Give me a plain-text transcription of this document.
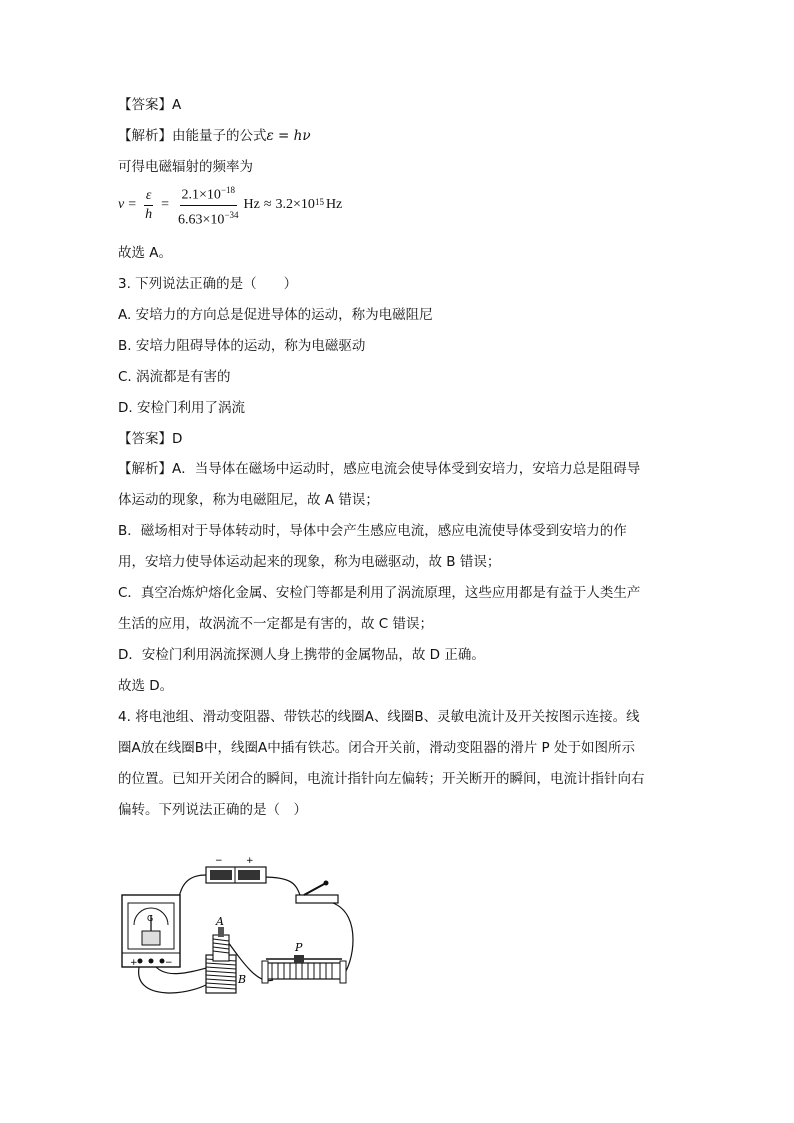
【答案】A

【解析】由能量子的公式ε = hν

可得电磁辐射的频率为

$\nu = \frac{\varepsilon}{h} = \frac{2.1\times 10^{-18}}{6.63\times 10^{-34}}$ $Hz \approx 3.2\times 10^{15}$ Hz

故选 A。

3. 下列说法正确的是（　　）

A. 安培力的方向总是促进导体的运动，称为电磁阻尼

B. 安培力阻碍导体的运动，称为电磁驱动

C. 涡流都是有害的

D. 安检门利用了涡流

【答案】D

【解析】A．当导体在磁场中运动时，感应电流会使导体受到安培力，安培力总是阻碍导
体运动的现象，称为电磁阻尼，故 A 错误；
B．磁场相对于导体转动时，导体中会产生感应电流，感应电流使导体受到安培力的作
用，安培力使导体运动起来的现象，称为电磁驱动，故 B 错误；
C．真空冶炼炉熔化金属、安检门等都是利用了涡流原理，这些应用都是有益于人类生产
生活的应用，故涡流不一定都是有害的，故 C 错误；
D．安检门利用涡流探测人身上携带的金属物品，故 D 正确。
故选 D。
4. 将电池组、滑动变阻器、带铁芯的线圈A、线圈B、灵敏电流计及开关按图示连接。线
圈A放在线圈B中，线圈A中插有铁芯。闭合开关前，滑动变阻器的滑片 P 处于如图所示
的位置。已知开关闭合的瞬间，电流计指针向左偏转；开关断开的瞬间，电流计指针向右
偏转。下列说法正确的是（　）
−	+
G
+	−
A
B
P
